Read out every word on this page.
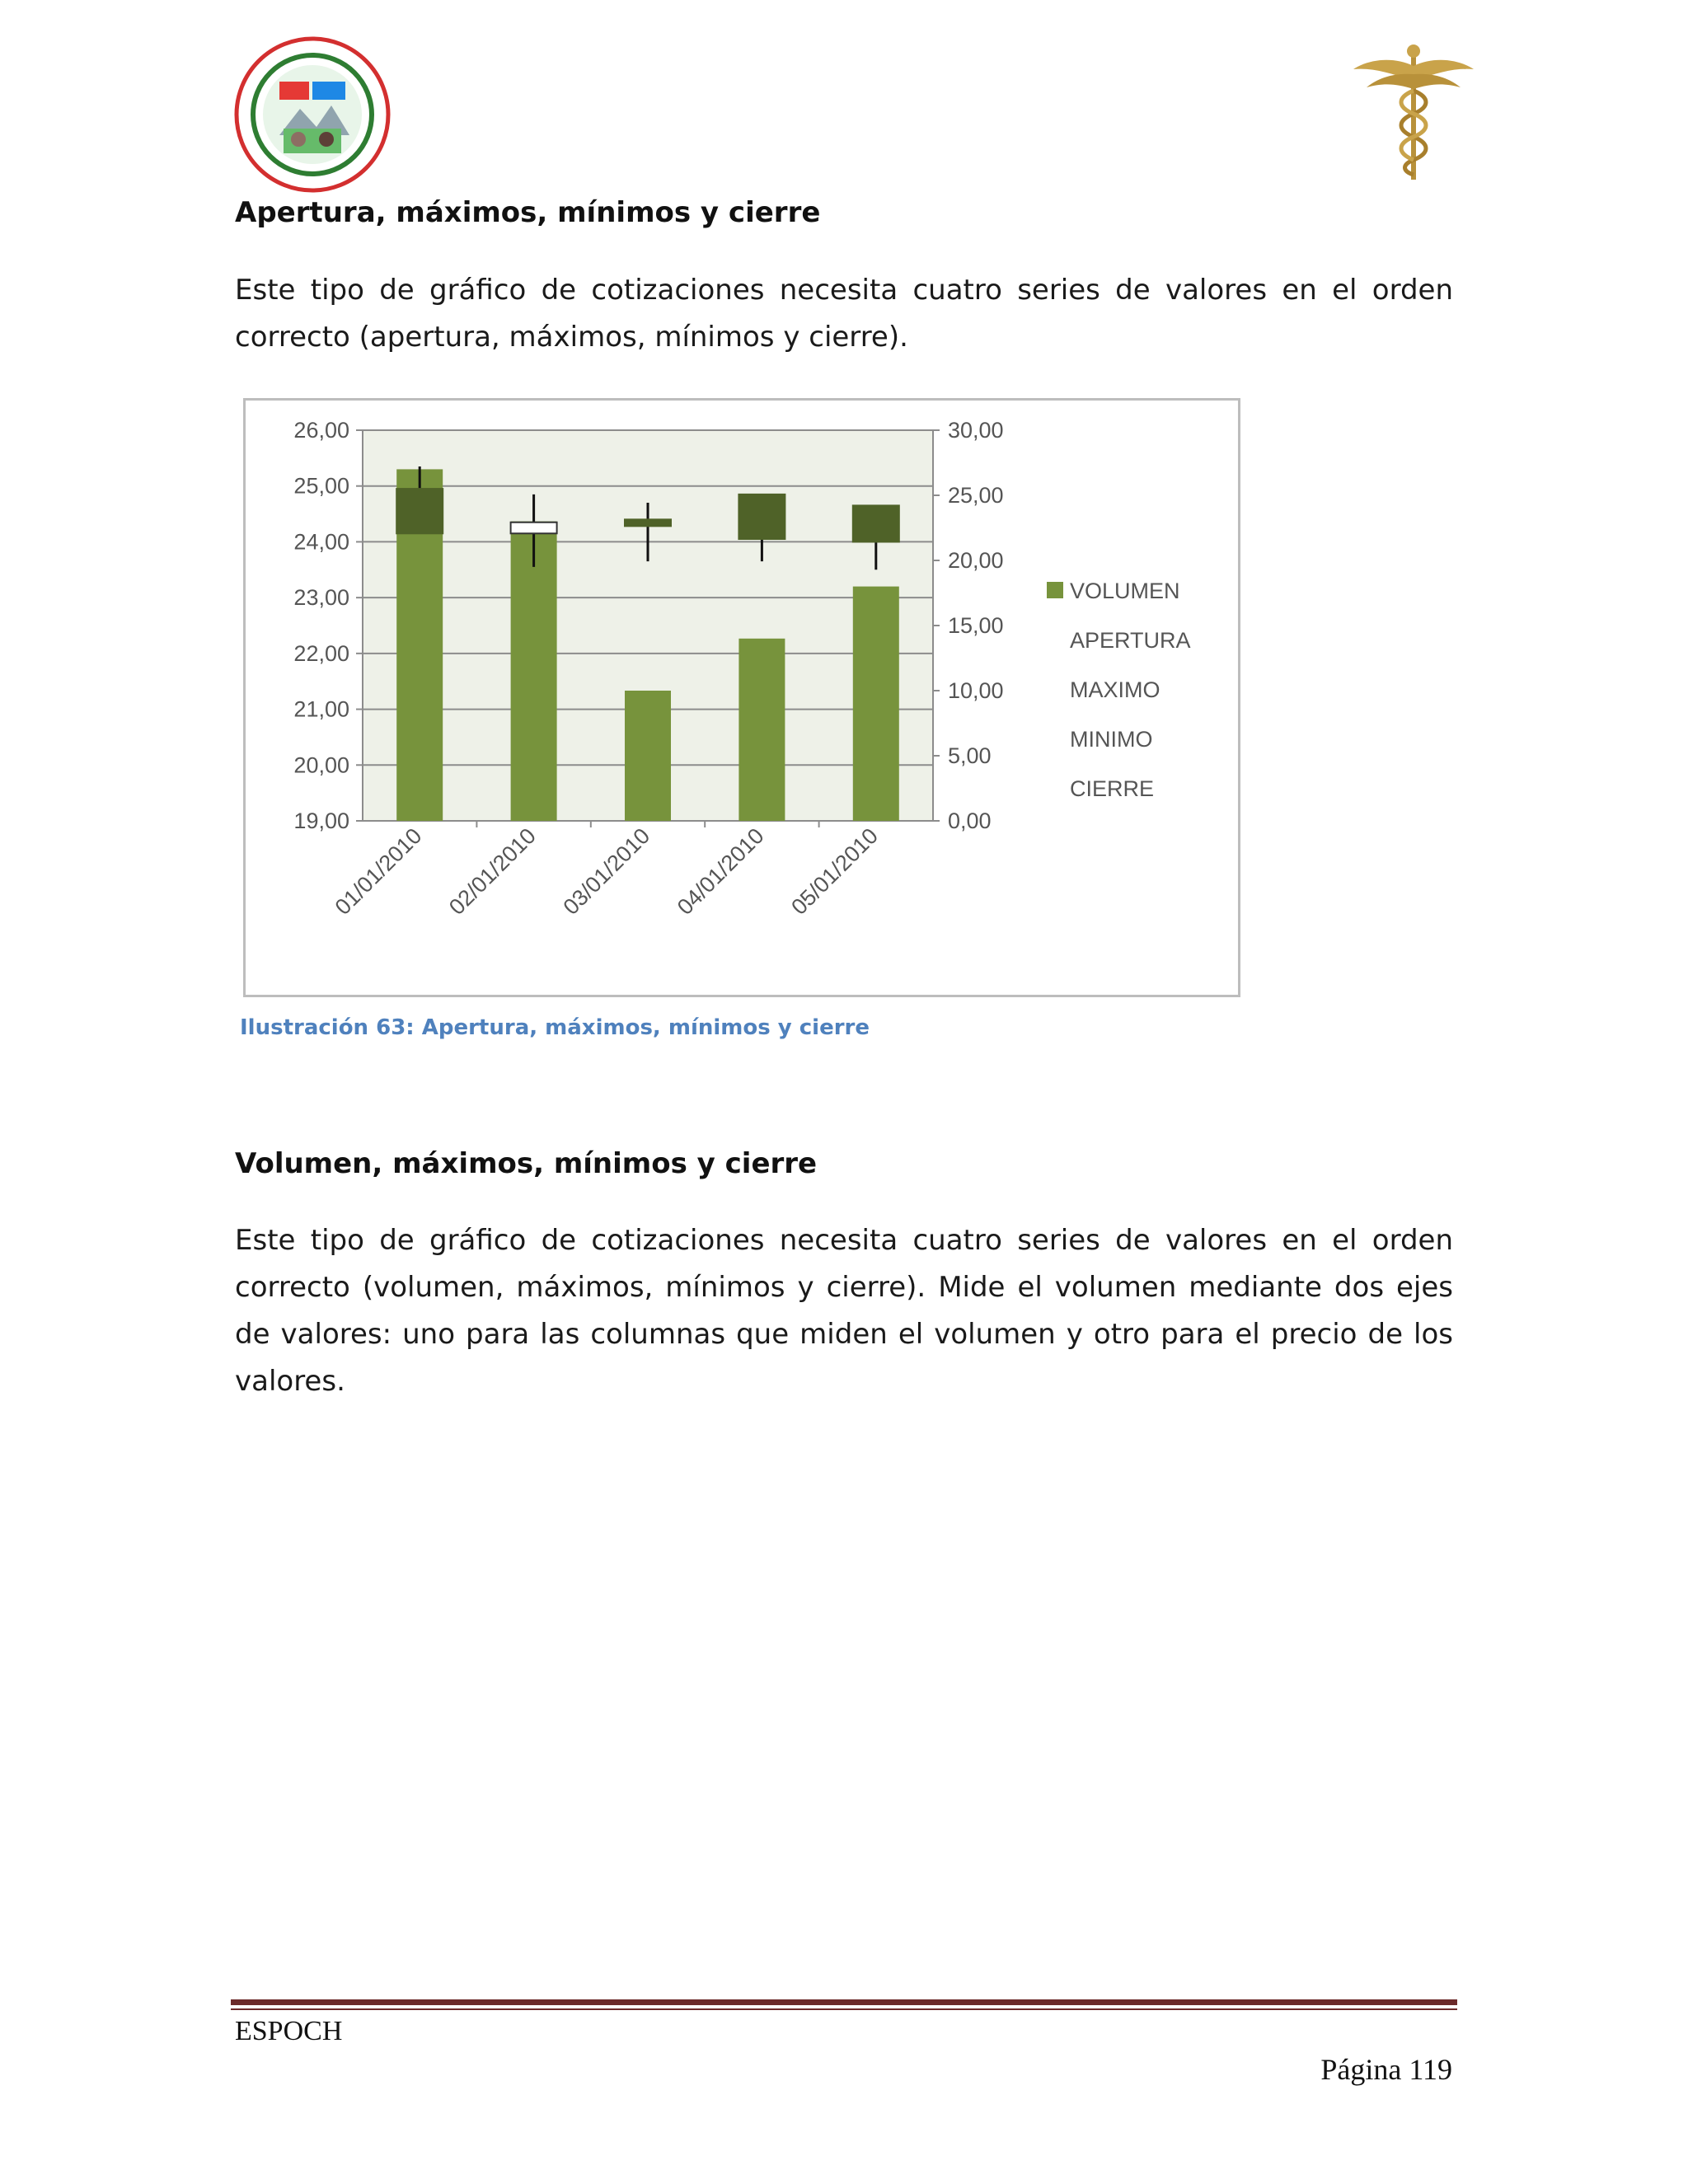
Apertura, máximos, mínimos y cierre

Este tipo de gráfico de cotizaciones necesita cuatro series de valores en el orden correcto (apertura, máximos, mínimos y cierre).

19,00
20,00
21,00
22,00
23,00
24,00
25,00
26,00
0,00
5,00
10,00
15,00
20,00
25,00
30,00
01/01/2010 02/01/2010 03/01/2010 04/01/2010 05/01/2010
VOLUMEN
APERTURA
MAXIMO
MINIMO
CIERRE

Ilustración 63: Apertura, máximos, mínimos y cierre

Volumen, máximos, mínimos y cierre

Este tipo de gráfico de cotizaciones necesita cuatro series de valores en el orden correcto (volumen, máximos, mínimos y cierre). Mide el volumen mediante dos ejes de valores: uno para las columnas que miden el volumen y otro para el precio de los valores.

ESPOCH
Página 119
